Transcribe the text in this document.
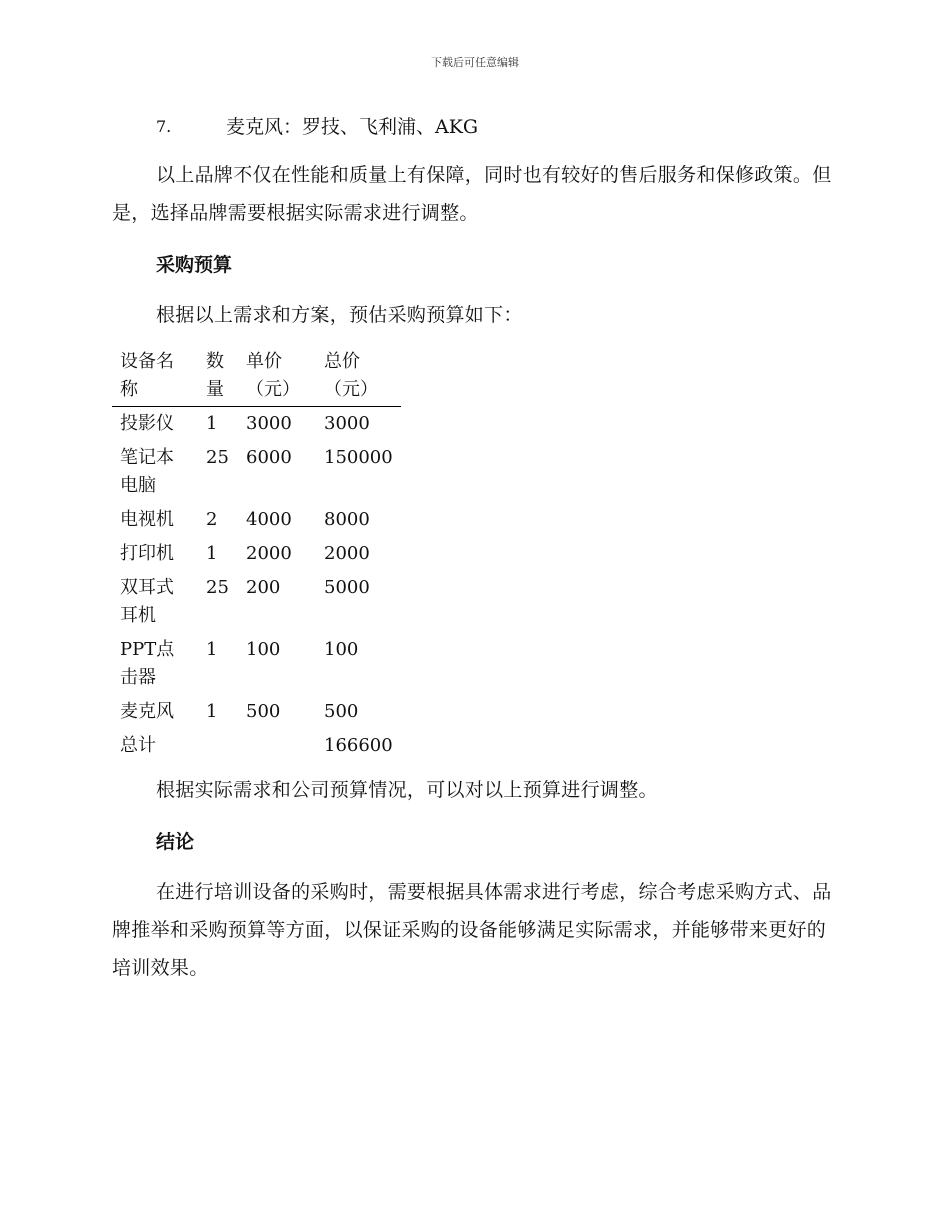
下载后可任意编辑
7.	麦克风：罗技、飞利浦、AKG

以上品牌不仅在性能和质量上有保障，同时也有较好的售后服务和保修政策。但是，选择品牌需要根据实际需求进行调整。

采购预算

根据以上需求和方案，预估采购预算如下：

设备名称	数量	单价（元）	总价（元）
投影仪	1	3000	3000
笔记本电脑	25	6000	150000
电视机	2	4000	8000
打印机	1	2000	2000
双耳式耳机	25	200	5000
PPT点击器	1	100	100
麦克风	1	500	500
总计			166600

根据实际需求和公司预算情况，可以对以上预算进行调整。

结论

在进行培训设备的采购时，需要根据具体需求进行考虑，综合考虑采购方式、品牌推举和采购预算等方面，以保证采购的设备能够满足实际需求，并能够带来更好的培训效果。
